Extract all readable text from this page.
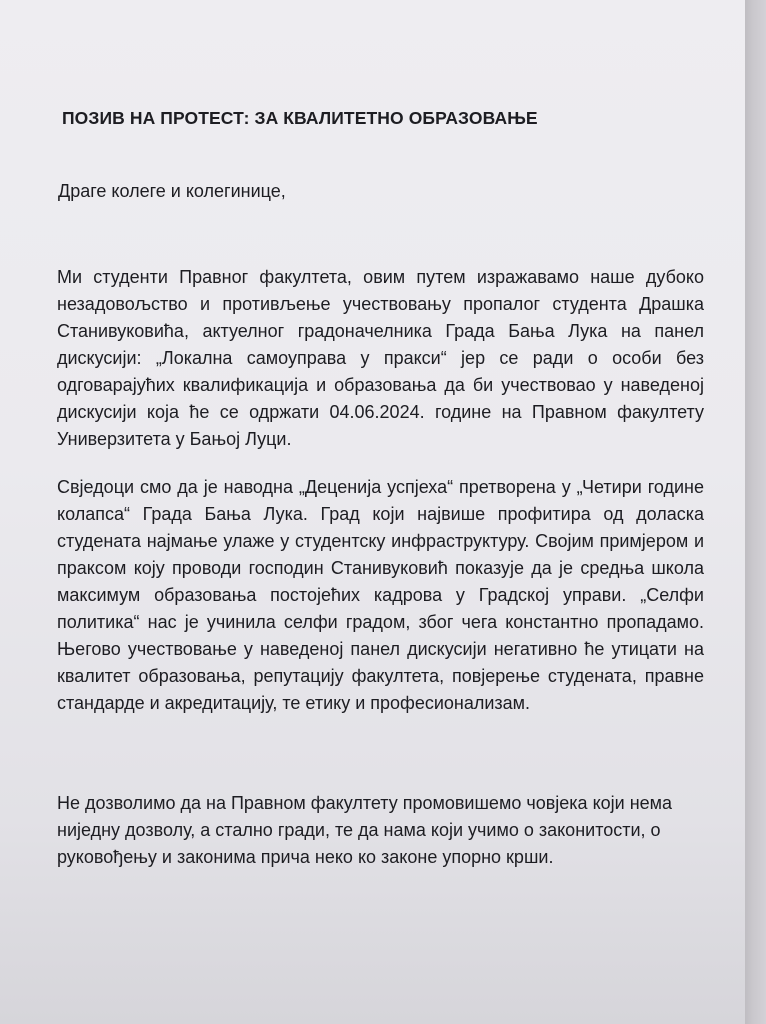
ПОЗИВ НА ПРОТЕСТ: ЗА КВАЛИТЕТНО ОБРАЗОВАЊЕ

Драге колеге и колегинице,

Ми студенти Правног факултета, овим путем изражавамо наше дубоко незадовољство и противљење учествовању пропалог студента Драшка Станивуковића, актуелног градоначелника Града Бања Лука на панел дискусији: „Локална самоуправа у пракси“ јер се ради о особи без одговарајућих квалификација и образовања да би учествовао у наведеној дискусији која ће се одржати 04.06.2024. године на Правном факултету Универзитета у Бањој Луци.

Свједоци смо да је наводна „Деценија успјеха“ претворена у „Четири године колапса“ Града Бања Лука. Град који највише профитира од доласка студената најмање улаже у студентску инфраструктуру. Својим примјером и праксом коју проводи господин Станивуковић показује да је средња школа максимум образовања постојећих кадрова у Градској управи. „Селфи политика“ нас је учинила селфи градом, због чега константно пропадамо. Његово учествовање у наведеној панел дискусији негативно ће утицати на квалитет образовања, репутацију факултета, повјерење студената, правне стандарде и акредитацију, те етику и професионализам.

Не дозволимо да на Правном факултету промовишемо човјека који нема ниједну дозволу, а стално гради, те да нама који учимо о законитости, о руковођењу и законима прича неко ко законе упорно крши.
